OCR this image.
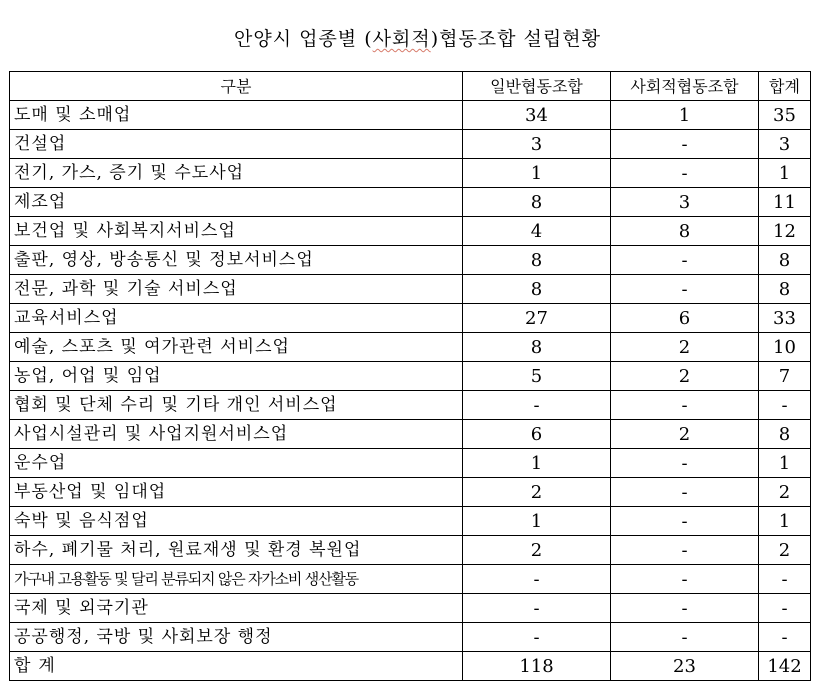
안양시 업종별 (사회적)협동조합 설립현황
구분	일반협동조합	사회적협동조합	합계
도매 및 소매업	34	1	35
건설업	3	-	3
전기, 가스, 증기 및 수도사업	1	-	1
제조업	8	3	11
보건업 및 사회복지서비스업	4	8	12
출판, 영상, 방송통신 및 정보서비스업	8	-	8
전문, 과학 및 기술 서비스업	8	-	8
교육서비스업	27	6	33
예술, 스포츠 및 여가관련 서비스업	8	2	10
농업, 어업 및 임업	5	2	7
협회 및 단체 수리 및 기타 개인 서비스업	-	-	-
사업시설관리 및 사업지원서비스업	6	2	8
운수업	1	-	1
부동산업 및 임대업	2	-	2
숙박 및 음식점업	1	-	1
하수, 폐기물 처리, 원료재생 및 환경 복원업	2	-	2
가구내 고용활동 및 달리 분류되지 않은 자가소비 생산활동	-	-	-
국제 및 외국기관	-	-	-
공공행정, 국방 및 사회보장 행정	-	-	-
합계	118	23	142
